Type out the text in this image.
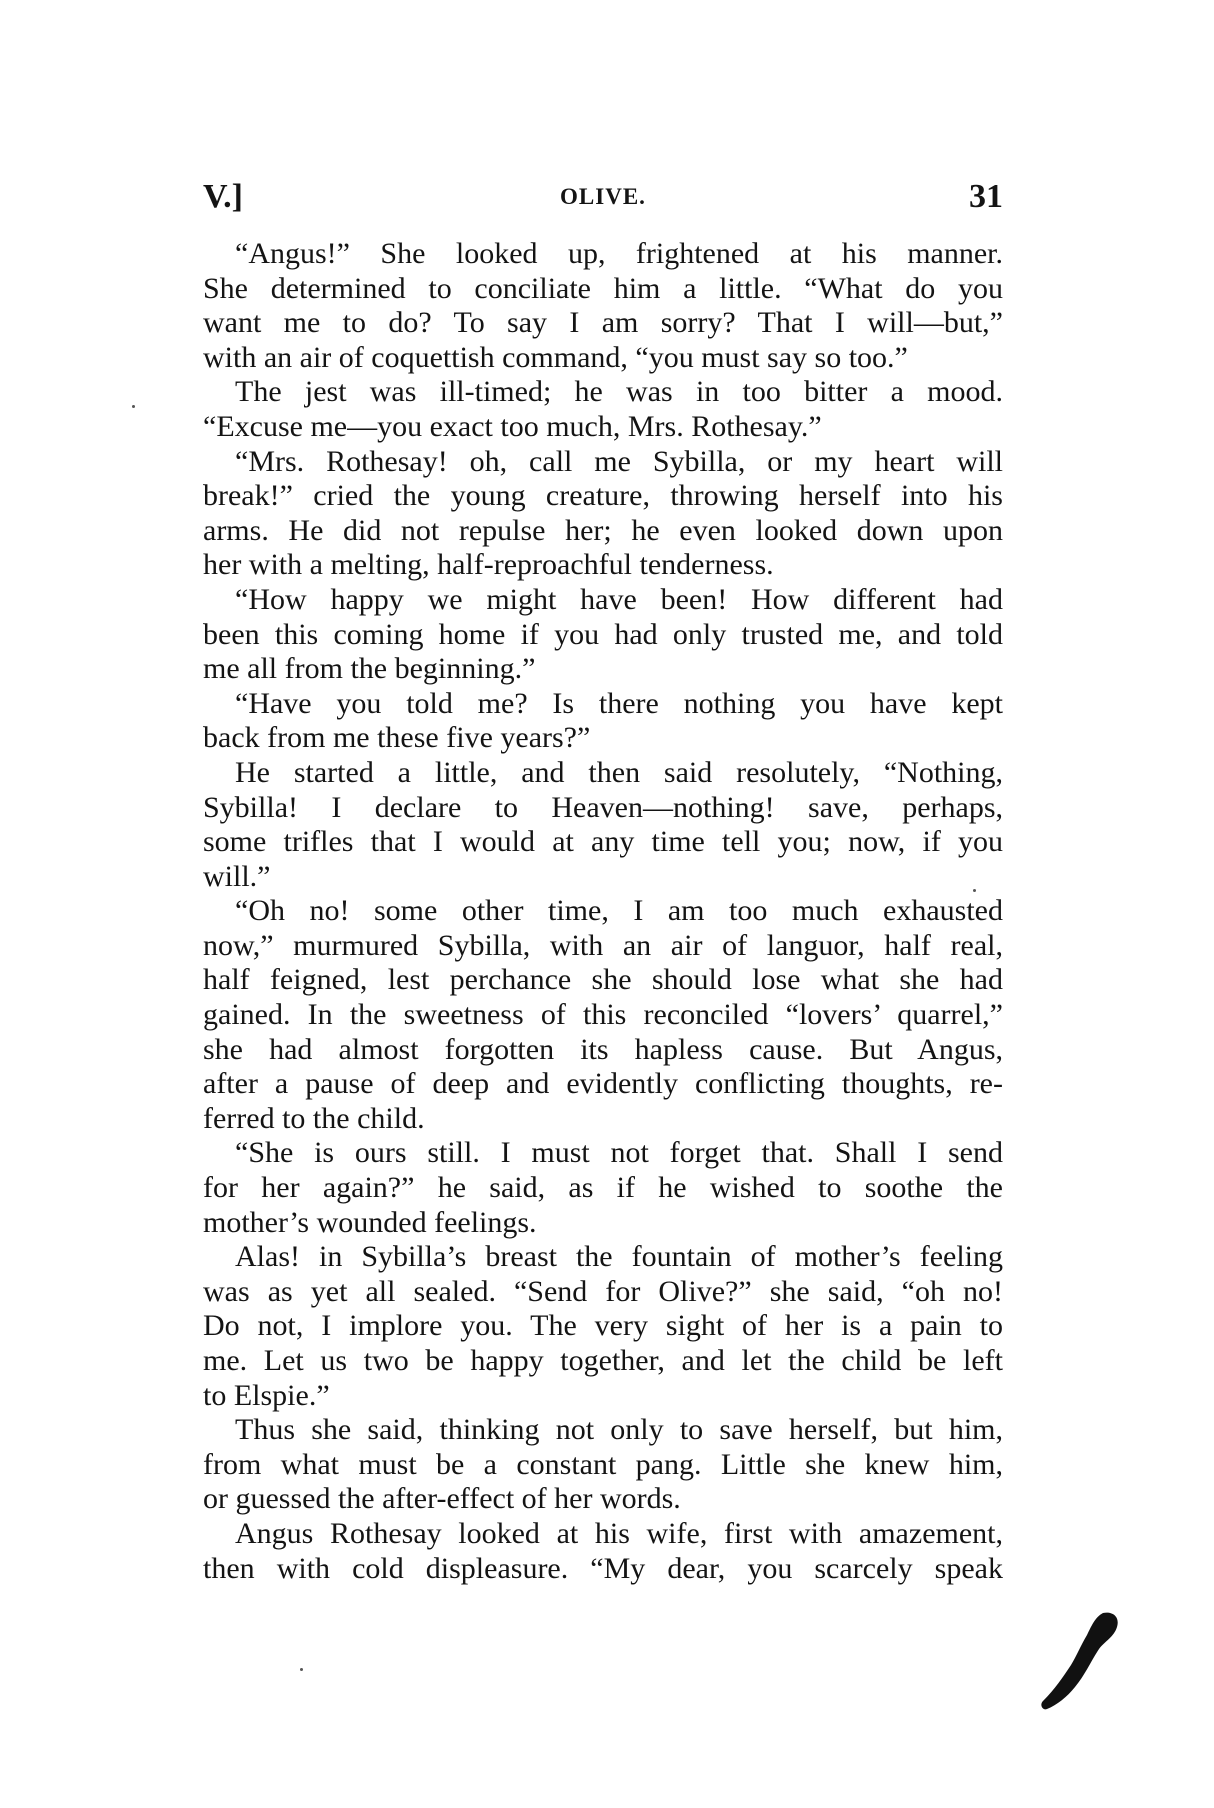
V.]	OLIVE.	31

“Angus!” She looked up, frightened at his manner.
She determined to conciliate him a little. “What do you
want me to do? To say I am sorry? That I will—but,”
with an air of coquettish command, “you must say so too.”

The jest was ill-timed; he was in too bitter a mood.
“Excuse me—you exact too much, Mrs. Rothesay.”

“Mrs. Rothesay! oh, call me Sybilla, or my heart will
break!” cried the young creature, throwing herself into his
arms. He did not repulse her; he even looked down upon
her with a melting, half-reproachful tenderness.

“How happy we might have been! How different had
been this coming home if you had only trusted me, and told
me all from the beginning.”

“Have you told me? Is there nothing you have kept
back from me these five years?”

He started a little, and then said resolutely, “Nothing,
Sybilla! I declare to Heaven—nothing! save, perhaps,
some trifles that I would at any time tell you; now, if you
will.”

“Oh no! some other time, I am too much exhausted
now,” murmured Sybilla, with an air of languor, half real,
half feigned, lest perchance she should lose what she had
gained. In the sweetness of this reconciled “lovers’ quarrel,”
she had almost forgotten its hapless cause. But Angus,
after a pause of deep and evidently conflicting thoughts, re-
ferred to the child.

“She is ours still. I must not forget that. Shall I send
for her again?” he said, as if he wished to soothe the
mother’s wounded feelings.

Alas! in Sybilla’s breast the fountain of mother’s feeling
was as yet all sealed. “Send for Olive?” she said, “oh no!
Do not, I implore you. The very sight of her is a pain to
me. Let us two be happy together, and let the child be left
to Elspie.”

Thus she said, thinking not only to save herself, but him,
from what must be a constant pang. Little she knew him,
or guessed the after-effect of her words.

Angus Rothesay looked at his wife, first with amazement,
then with cold displeasure. “My dear, you scarcely speak
